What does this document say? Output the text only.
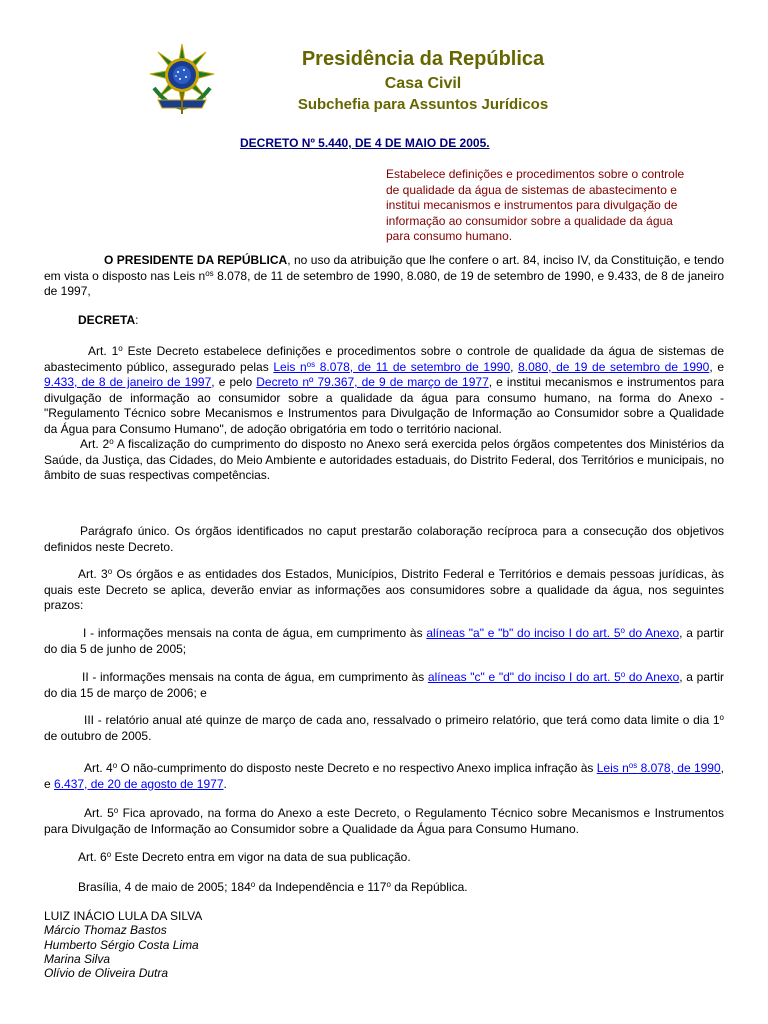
Presidência da República
Casa Civil
Subchefia para Assuntos Jurídicos
DECRETO Nº 5.440, DE 4 DE MAIO DE 2005.
Estabelece definições e procedimentos sobre o controle
de qualidade da água de sistemas de abastecimento e
institui mecanismos e instrumentos para divulgação de
informação ao consumidor sobre a qualidade da água
para consumo humano.
O PRESIDENTE DA REPÚBLICA, no uso da atribuição que lhe confere o art. 84, inciso IV, da Constituição, e tendo em vista o disposto nas Leis $n^{os}$ 8.078, de 11 de setembro de 1990, 8.080, de 19 de setembro de 1990, e 9.433, de 8 de janeiro de 1997,
DECRETA:
Art. 1$^o$ Este Decreto estabelece definições e procedimentos sobre o controle de qualidade da água de sistemas de abastecimento público, assegurado pelas Leis $n^{os}$ 8.078, de 11 de setembro de 1990, 8.080, de 19 de setembro de 1990, e 9.433, de 8 de janeiro de 1997, e pelo Decreto nº 79.367, de 9 de março de 1977, e institui mecanismos e instrumentos para divulgação de informação ao consumidor sobre a qualidade da água para consumo humano, na forma do Anexo - "Regulamento Técnico sobre Mecanismos e Instrumentos para Divulgação de Informação ao Consumidor sobre a Qualidade da Água para Consumo Humano", de adoção obrigatória em todo o território nacional.
Art. 2$^o$ A fiscalização do cumprimento do disposto no Anexo será exercida pelos órgãos competentes dos Ministérios da Saúde, da Justiça, das Cidades, do Meio Ambiente e autoridades estaduais, do Distrito Federal, dos Territórios e municipais, no âmbito de suas respectivas competências.
Parágrafo único. Os órgãos identificados no caput prestarão colaboração recíproca para a consecução dos objetivos definidos neste Decreto.
Art. 3$^o$ Os órgãos e as entidades dos Estados, Municípios, Distrito Federal e Territórios e demais pessoas jurídicas, às quais este Decreto se aplica, deverão enviar as informações aos consumidores sobre a qualidade da água, nos seguintes prazos:
I - informações mensais na conta de água, em cumprimento às alíneas "a" e "b" do inciso I do art. 5$^o$ do Anexo, a partir do dia 5 de junho de 2005;
II - informações mensais na conta de água, em cumprimento às alíneas "c" e "d" do inciso I do art. 5$^o$ do Anexo, a partir do dia 15 de março de 2006; e
III - relatório anual até quinze de março de cada ano, ressalvado o primeiro relatório, que terá como data limite o dia 1$^o$ de outubro de 2005.
Art. 4$^o$ O não-cumprimento do disposto neste Decreto e no respectivo Anexo implica infração às Leis $n^{os}$ 8.078, de 1990, e 6.437, de 20 de agosto de 1977.
Art. 5$^o$ Fica aprovado, na forma do Anexo a este Decreto, o Regulamento Técnico sobre Mecanismos e Instrumentos para Divulgação de Informação ao Consumidor sobre a Qualidade da Água para Consumo Humano.
Art. 6$^o$ Este Decreto entra em vigor na data de sua publicação.
Brasília, 4 de maio de 2005; 184$^o$ da Independência e 117$^o$ da República.
LUIZ INÁCIO LULA DA SILVA
Márcio Thomaz Bastos
Humberto Sérgio Costa Lima
Marina Silva
Olívio de Oliveira Dutra
